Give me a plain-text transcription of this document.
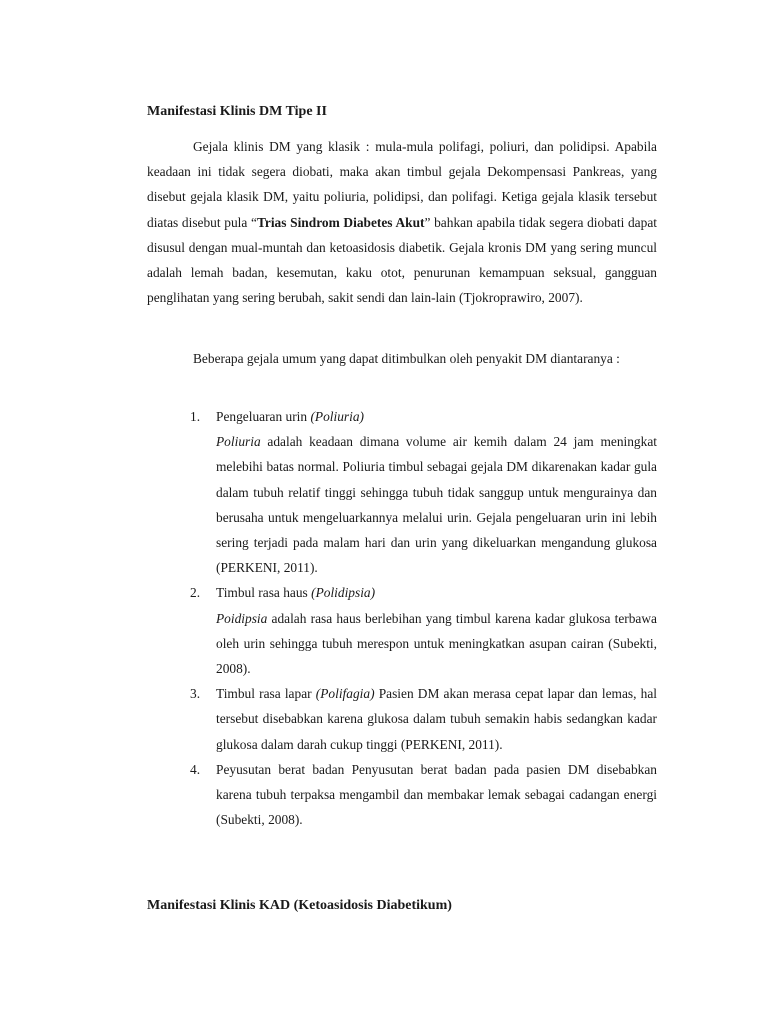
Manifestasi Klinis DM Tipe II
Gejala klinis DM yang klasik : mula-mula polifagi, poliuri, dan polidipsi. Apabila keadaan ini tidak segera diobati, maka akan timbul gejala Dekompensasi Pankreas, yang disebut gejala klasik DM, yaitu poliuria, polidipsi, dan polifagi. Ketiga gejala klasik tersebut diatas disebut pula “Trias Sindrom Diabetes Akut” bahkan apabila tidak segera diobati dapat disusul dengan mual-muntah dan ketoasidosis diabetik. Gejala kronis DM yang sering muncul adalah lemah badan, kesemutan, kaku otot, penurunan kemampuan seksual, gangguan penglihatan yang sering berubah, sakit sendi dan lain-lain (Tjokroprawiro, 2007).
Beberapa gejala umum yang dapat ditimbulkan oleh penyakit DM diantaranya :
1. Pengeluaran urin (Poliuria)
Poliuria adalah keadaan dimana volume air kemih dalam 24 jam meningkat melebihi batas normal. Poliuria timbul sebagai gejala DM dikarenakan kadar gula dalam tubuh relatif tinggi sehingga tubuh tidak sanggup untuk mengurainya dan berusaha untuk mengeluarkannya melalui urin. Gejala pengeluaran urin ini lebih sering terjadi pada malam hari dan urin yang dikeluarkan mengandung glukosa (PERKENI, 2011).
2. Timbul rasa haus (Polidipsia)
Poidipsia adalah rasa haus berlebihan yang timbul karena kadar glukosa terbawa oleh urin sehingga tubuh merespon untuk meningkatkan asupan cairan (Subekti, 2008).
3. Timbul rasa lapar (Polifagia) Pasien DM akan merasa cepat lapar dan lemas, hal tersebut disebabkan karena glukosa dalam tubuh semakin habis sedangkan kadar glukosa dalam darah cukup tinggi (PERKENI, 2011).
4. Peyusutan berat badan Penyusutan berat badan pada pasien DM disebabkan karena tubuh terpaksa mengambil dan membakar lemak sebagai cadangan energi (Subekti, 2008).
Manifestasi Klinis KAD (Ketoasidosis Diabetikum)
